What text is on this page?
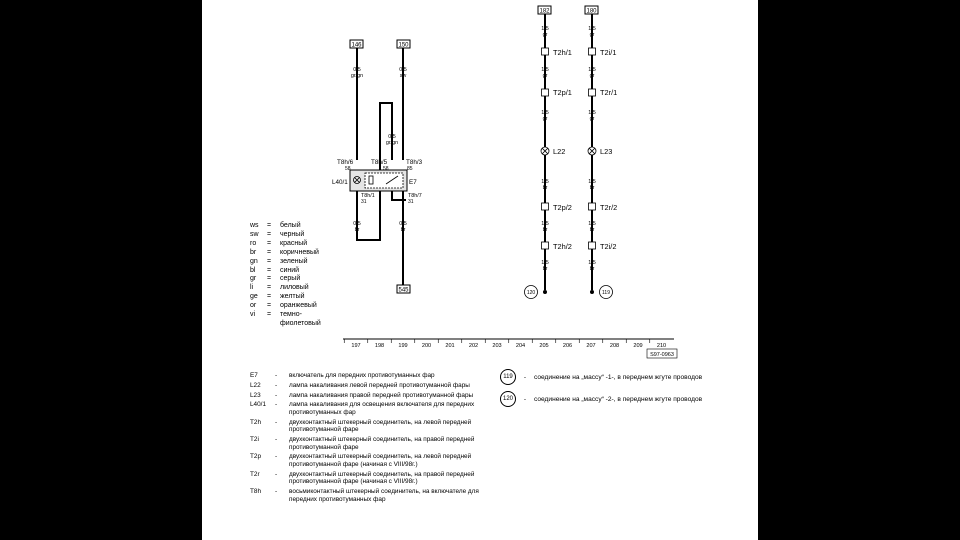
146	150
182	180
545
0.5
gr/gn
0.5
sw
0.5
gr/gn
0.5
br
0.5
br
T8h/6
58
T8h/5
58
T8h/3
85
L40/1	E7
T8h/1
31
T8h/7
31
1.5
gr
1.5
gr
1.5
gr
1.5
br
1.5
br
1.5
br
1.5
gr
1.5
gr
1.5
gr
1.5
br
1.5
br
1.5
br
T2h/1
T2p/1
L22
T2p/2
T2h/2
T2i/1
T2r/1
L23
T2r/2
T2i/2
120	119
197	198	199	200	201	202	203	204	205	206	207	208	209	210
S97-0963
ws	=	белый
sw	=	черный
ro	=	красный
br	=	коричневый
gn	=	зеленый
bl	=	синий
gr	=	серый
li	=	лиловый
ge	=	желтый
or	=	оранжевый
vi	=	темно-
фиолетовый
E7	-	включатель для передних противотуманных фар
L22	-	лампа накаливания левой передней противотуманной фары
L23	-	лампа накаливания правой передней противотуманной фары
L40/1	-	лампа накаливания для освещения включателя для передних противотуманных фар
T2h	-	двухконтактный штекерный соединитель, на левой передней противотуманной фаре
T2i	-	двухконтактный штекерный соединитель, на правой передней противотуманной фаре
T2p	-	двухконтактный штекерный соединитель, на левой передней противотуманной фаре (начиная с VIII/98г.)
T2r	-	двухконтактный штекерный соединитель, на правой передней противотуманной фаре (начиная с VIII/98г.)
T8h	-	восьмиконтактный штекерный соединитель, на включателе для передних противотуманных фар
119	-	соединение на „массу“ -1-, в переднем жгуте проводов
120	-	соединение на „массу“ -2-, в переднем жгуте проводов
